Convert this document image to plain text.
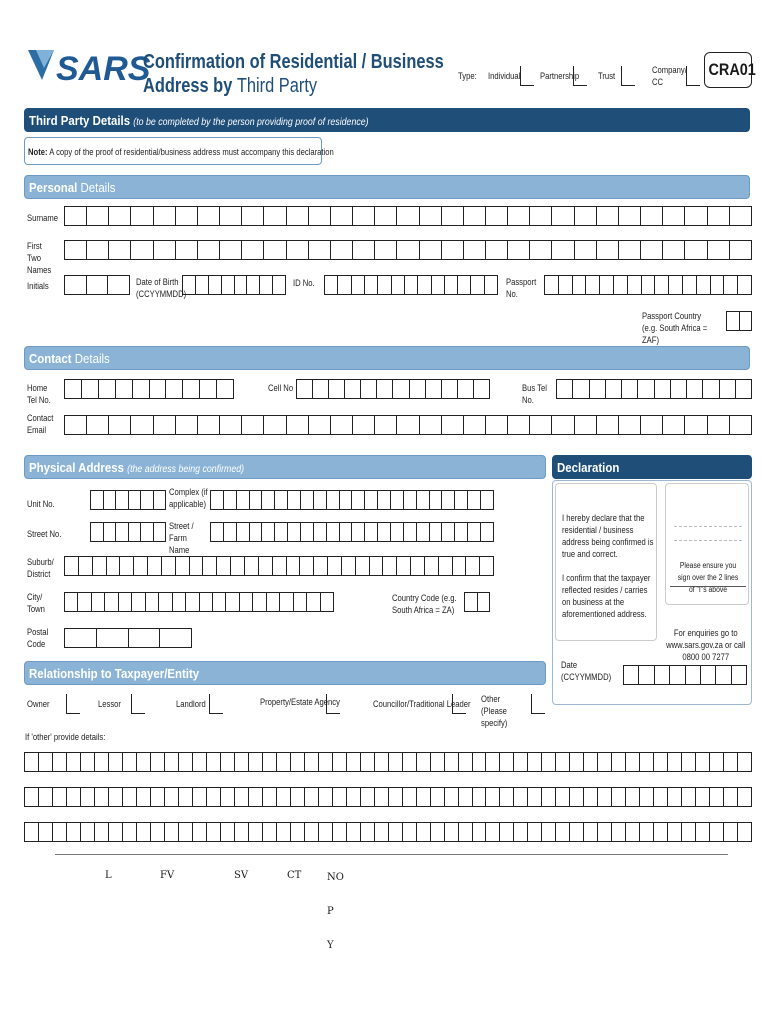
SARS
Confirmation of Residential / Business
Address by Third Party	Type: Individual Partnership Trust
Company/ CC
CRA01
Third Party Details (to be completed by the person providing proof of residence)
Note: A copy of the proof of residential/business address must accompany this declaration
Personal Details
Surname
First Two Names
Initials	Date of Birth (CCYYMMDD)
ID No.	Passport No.
Passport Country (e.g. South Africa = ZAF)
Contact Details
Home Tel No.
Cell No	Bus Tel No.
Contact Email
Physical Address (the address being confirmed)
Unit No.
Complex (if applicable)
Street No.
Street / Farm Name
Suburb/ District
City/ Town
Country Code (e.g. South Africa = ZA)
Postal Code
Declaration
I hereby declare that the residential / business address being confirmed is true and correct.
I confirm that the taxpayer reflected resides / carries on business at the aforementioned address.
Please ensure you sign over the 2 lines of "I"s above
For enquiries go to www.sars.gov.za or call 0800 00 7277
Date (CCYYMMDD)
Relationship to Taxpayer/Entity
Owner	Lessor	Landlord	Property/Estate Agency	Councillor/Traditional Leader Other (Please specify)
If 'other' provide details:
L	FV	SV	CT	NO
P
Y
